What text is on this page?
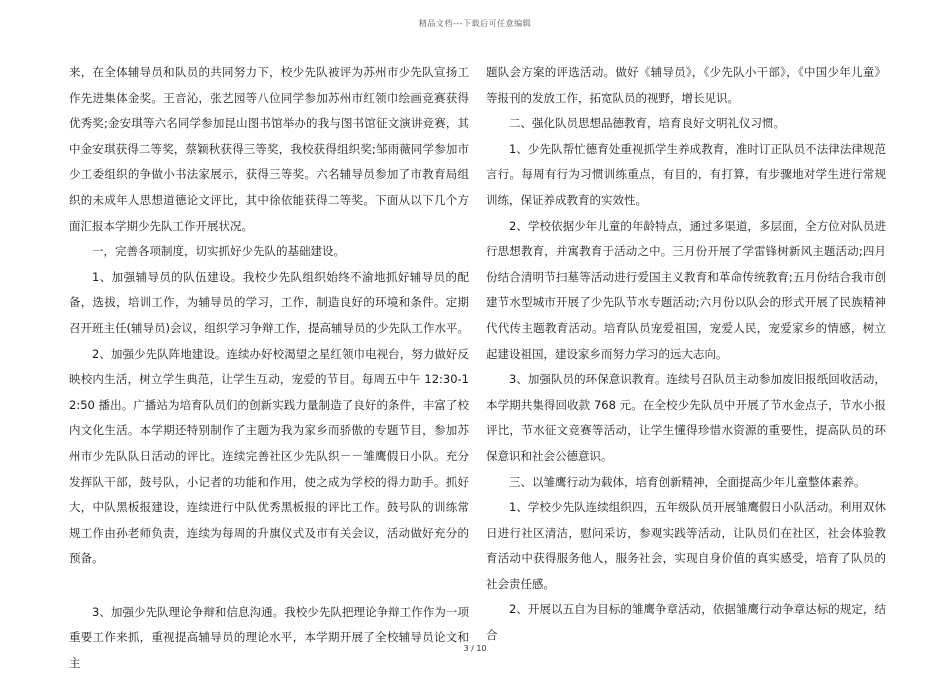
精品文档---下载后可任意编辑

来，在全体辅导员和队员的共同努力下，校少先队被评为苏州市少先队宣扬工作先进集体金奖。王音沁，张艺园等八位同学参加苏州市红领巾绘画竞赛获得优秀奖;金安琪等六名同学参加昆山图书馆举办的我与图书馆征文演讲竞赛，其中金安琪获得二等奖，蔡颖秋获得三等奖，我校获得组织奖;邹雨薇同学参加市少工委组织的争做小书法家展示，获得三等奖。六名辅导员参加了市教育局组织的未成年人思想道德论文评比，其中徐依能获得二等奖。下面从以下几个方面汇报本学期少先队工作开展状况。

一，完善各项制度，切实抓好少先队的基础建设。

1、加强辅导员的队伍建设。我校少先队组织始终不渝地抓好辅导员的配备，选拔，培训工作，为辅导员的学习，工作，制造良好的环境和条件。定期召开班主任(辅导员)会议，组织学习争辩工作，提高辅导员的少先队工作水平。

2、加强少先队阵地建设。连续办好校渴望之星红领巾电视台，努力做好反映校内生活，树立学生典范，让学生互动，宠爱的节目。每周五中午 12:30-12:50 播出。广播站为培育队员们的创新实践力量制造了良好的条件，丰富了校内文化生活。本学期还特别制作了主题为我为家乡而骄傲的专题节目，参加苏州市少先队队日活动的评比。连续完善社区少先队织－－雏鹰假日小队。充分发挥队干部，鼓号队，小记者的功能和作用，使之成为学校的得力助手。抓好大，中队黑板报建设，连续进行中队优秀黑板报的评比工作。鼓号队的训练常规工作由孙老师负责，连续为每周的升旗仪式及市有关会议，活动做好充分的预备。

3、加强少先队理论争辩和信息沟通。我校少先队把理论争辩工作作为一项重要工作来抓，重视提高辅导员的理论水平，本学期开展了全校辅导员论文和主

题队会方案的评选活动。做好《辅导员》，《少先队小干部》，《中国少年儿童》等报刊的发放工作，拓宽队员的视野，增长见识。

二、强化队员思想品德教育，培育良好文明礼仪习惯。

1、少先队帮忙德育处重视抓学生养成教育，准时订正队员不法律法律规范言行。每周有行为习惯训练重点，有目的，有打算，有步骤地对学生进行常规训练，保证养成教育的实效性。

2、学校依据少年儿童的年龄特点，通过多渠道，多层面，全方位对队员进行思想教育，并寓教育于活动之中。三月份开展了学雷锋树新风主题活动;四月份结合清明节扫墓等活动进行爱国主义教育和革命传统教育;五月份结合我市创建节水型城市开展了少先队节水专题活动;六月份以队会的形式开展了民族精神代代传主题教育活动。培育队员宠爱祖国，宠爱人民，宠爱家乡的情感，树立起建设祖国，建设家乡而努力学习的远大志向。

3、加强队员的环保意识教育。连续号召队员主动参加废旧报纸回收活动，本学期共集得回收款 768 元。在全校少先队员中开展了节水金点子，节水小报评比，节水征文竞赛等活动，让学生懂得珍惜水资源的重要性，提高队员的环保意识和社会公德意识。

三、以雏鹰行动为载体，培育创新精神，全面提高少年儿童整体素养。

1、学校少先队连续组织四，五年级队员开展雏鹰假日小队活动。利用双休日进行社区清洁，慰问采访，参观实践等活动，让队员们在社区，社会体验教育活动中获得服务他人，服务社会，实现自身价值的真实感受，培育了队员的社会责任感。

2、开展以五自为目标的雏鹰争章活动，依据雏鹰行动争章达标的规定，结合

3 / 10
